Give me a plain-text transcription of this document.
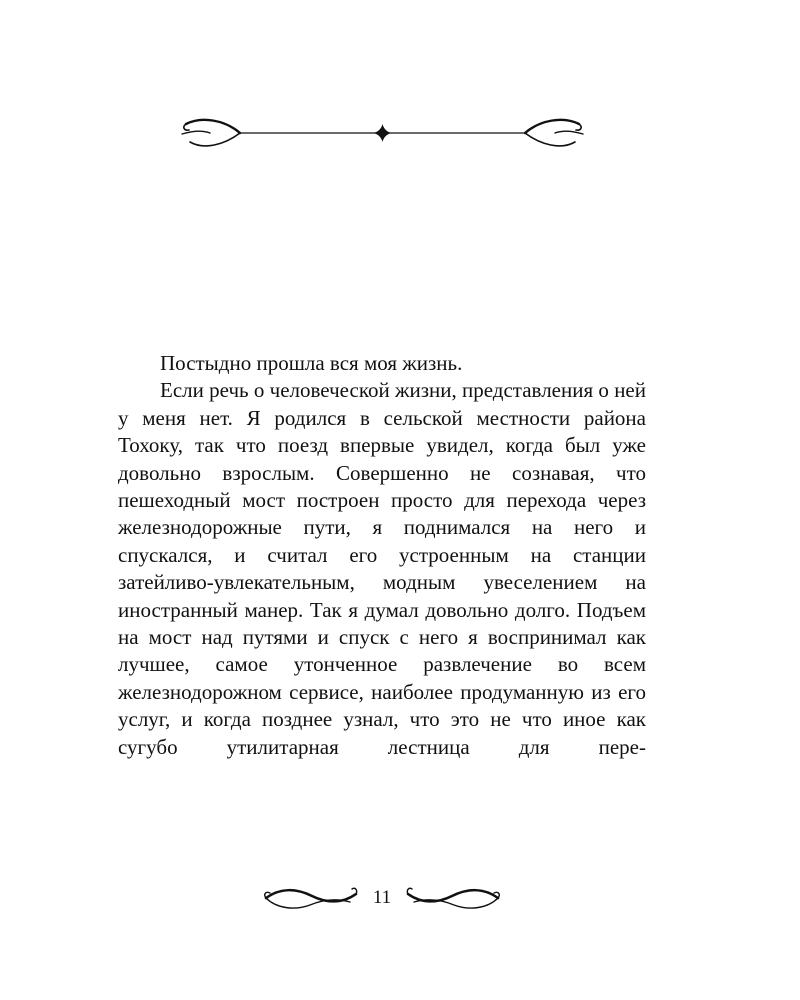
Постыдно прошла вся моя жизнь.

Если речь о человеческой жизни, представления о ней у меня нет. Я родился в сельской местности района Тохоку, так что поезд впервые увидел, когда был уже довольно взрослым. Совершенно не сознавая, что пешеходный мост построен просто для перехода через железнодорожные пути, я поднимался на него и спускался, и считал его устроенным на станции затейливо-увлекательным, модным увеселением на иностранный манер. Так я думал довольно долго. Подъем на мост над путями и спуск с него я воспринимал как лучшее, самое утонченное развлечение во всем железнодорожном сервисе, наиболее продуманную из его услуг, и когда позднее узнал, что это не что иное как сугубо утилитарная лестница для пере-

11
